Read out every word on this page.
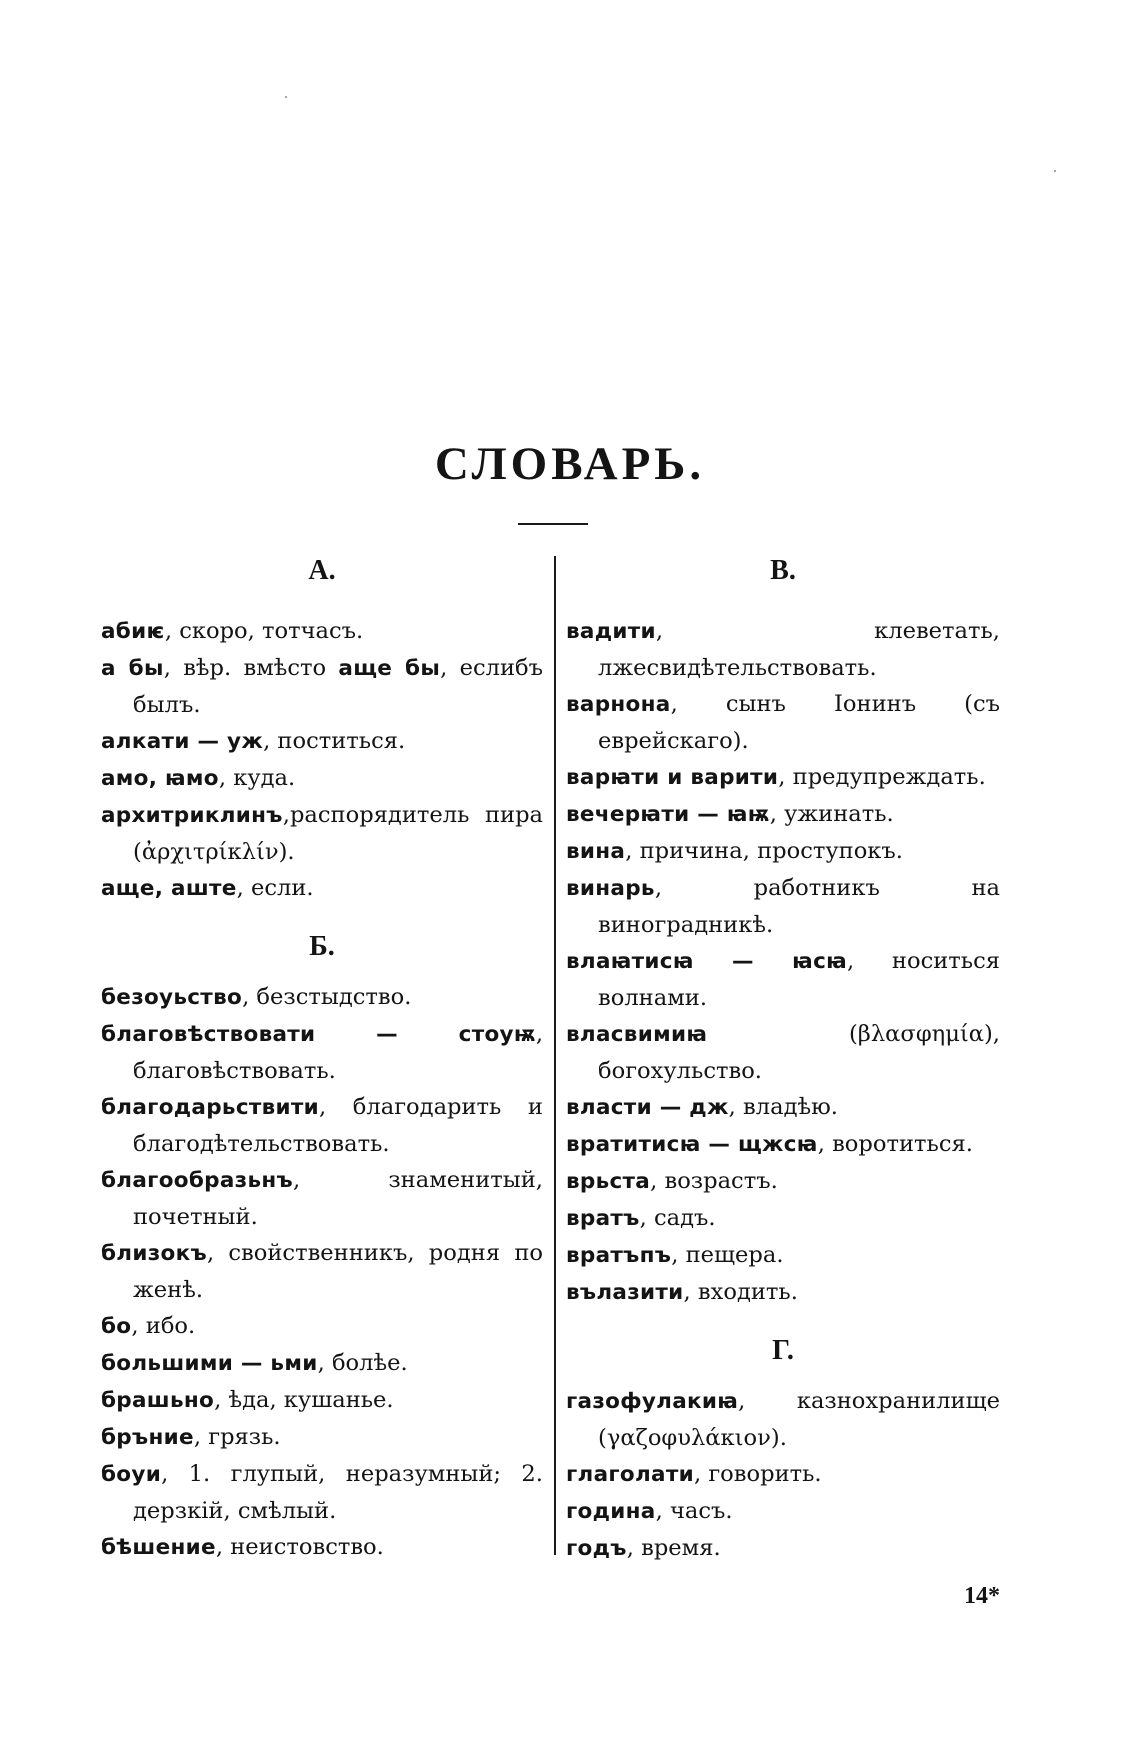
СЛОВАРЬ.
А.

абиѥ, скоро, тотчасъ.

а бы, вѣр. вмѣсто аще бы, еслибъ былъ.

алкати — уж, поститься.

амо, ꙗмо, куда.

архитриклинъ,распорядитель пира (ἀρχιτρίκλίν).

аще, аште, если.

Б.

безоуьство, безстыдство.

благовѣствовати — стоуѭ, благовѣствовать.

благодарьствити, благодарить и благодѣтельствовать.

благообразьнъ, знаменитый, почетный.

близокъ, свойственникъ, родня по женѣ.

бо, ибо.

большими — ьми, болѣе.

брашьно, ѣда, кушанье.

бръние, грязь.

боуи, 1. глупый, неразумный; 2. дерзкій, смѣлый.

бѣшение, неистовство.

В.

вадити, клеветать, лжесвидѣтельствовать.

варнона, сынъ Іонинъ (съ еврейскаго).

варꙗти и варити, предупреждать.

вечерꙗти — ꙗѭ, ужинать.

вина, причина, проступокъ.

винарь, работникъ на виноградникѣ.

влаꙗтисꙗ — ꙗсꙗ, носиться волнами.

власвимиꙗ (βλασφημία), богохульство.

власти — дж, владѣю.

вратитисꙗ — щжсꙗ, воротиться.

врьста, возрастъ.

вратъ, садъ.

вратъпъ, пещера.

вълазити, входить.

Г.

газофулакиꙗ, казнохранилище (γαζοφυλάκιον).

глаголати, говорить.

година, часъ.

годъ, время.

14*
